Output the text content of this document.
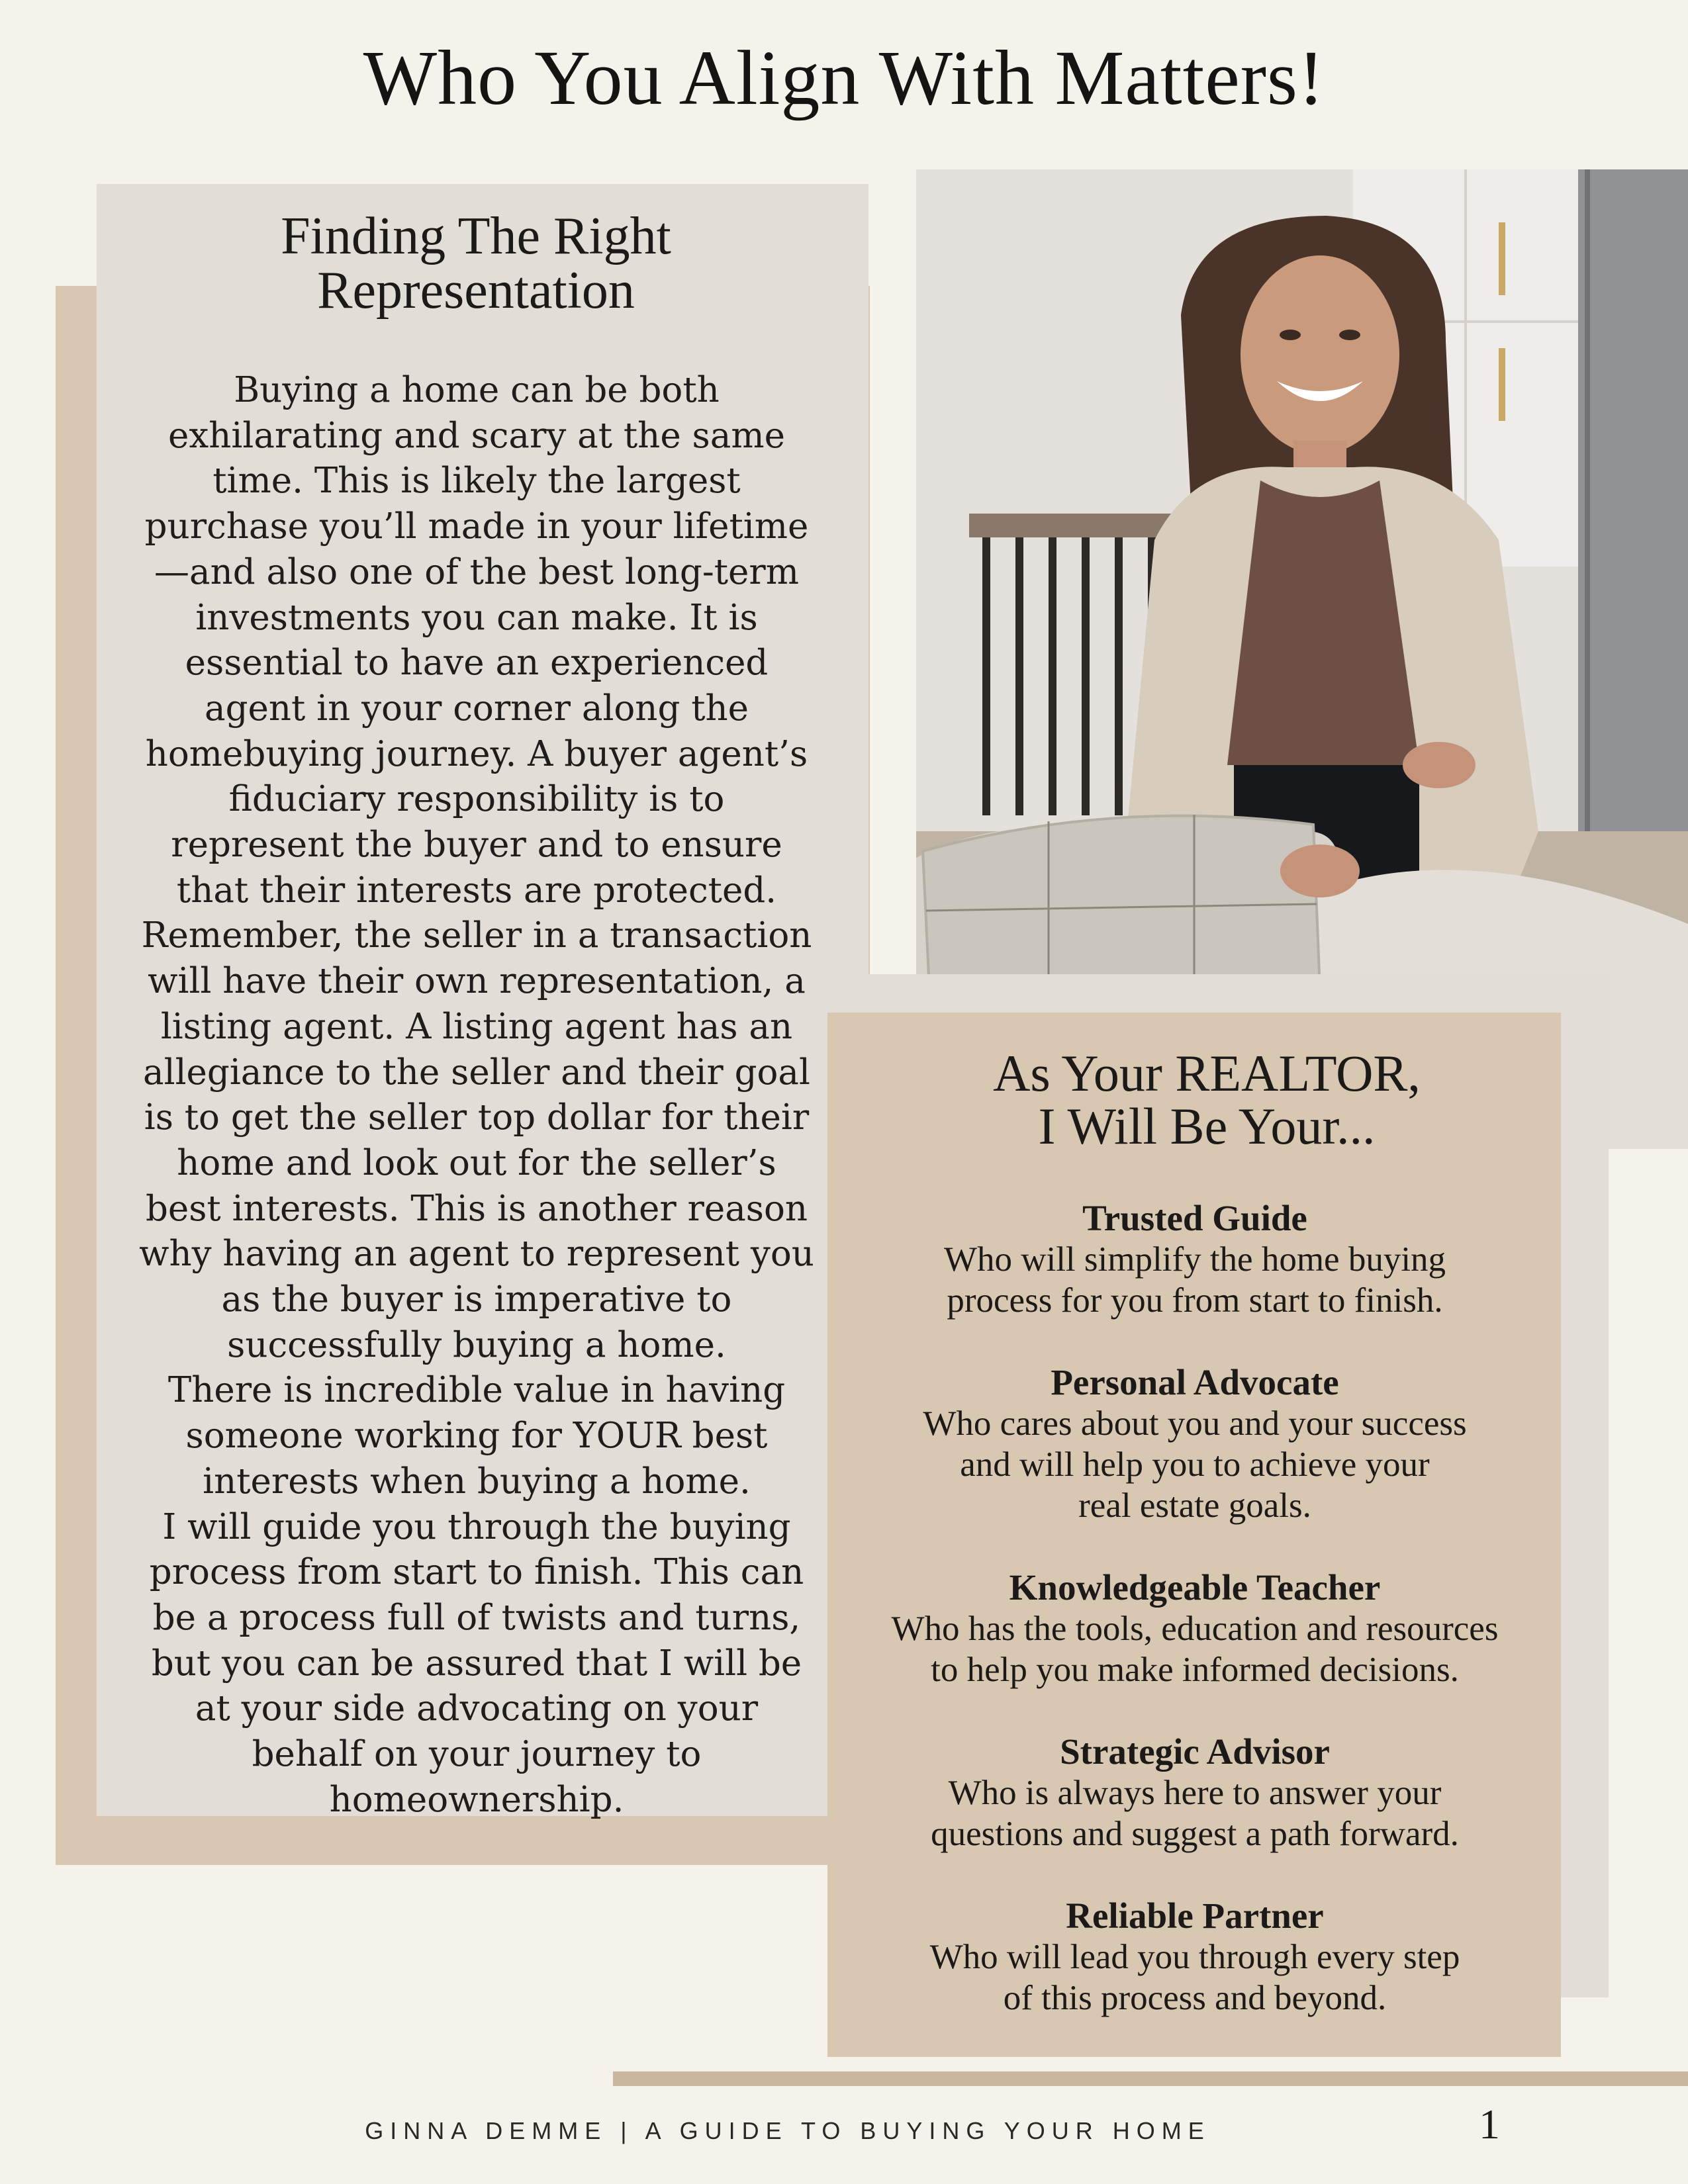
Who You Align With Matters!
Finding The Right
Representation

Buying a home can be both exhilarating and scary at the same time. This is likely the largest purchase you’ll made in your lifetime—and also one of the best long-term investments you can make. It is essential to have an experienced agent in your corner along the homebuying journey. A buyer agent’s fiduciary responsibility is to represent the buyer and to ensure that their interests are protected. Remember, the seller in a transaction will have their own representation, a listing agent. A listing agent has an allegiance to the seller and their goal is to get the seller top dollar for their home and look out for the seller’s best interests. This is another reason why having an agent to represent you as the buyer is imperative to successfully buying a home.

There is incredible value in having someone working for YOUR best interests when buying a home.

I will guide you through the buying process from start to finish. This can be a process full of twists and turns, but you can be assured that I will be at your side advocating on your behalf on your journey to homeownership.

As Your REALTOR,
I Will Be Your...
Trusted Guide
Who will simplify the home buying
process for you from start to finish.
Personal Advocate
Who cares about you and your success
and will help you to achieve your
real estate goals.
Knowledgeable Teacher
Who has the tools, education and resources
to help you make informed decisions.
Strategic Advisor
Who is always here to answer your
questions and suggest a path forward.
Reliable Partner
Who will lead you through every step
of this process and beyond.
GINNA DEMME | A GUIDE TO BUYING YOUR HOME	1
